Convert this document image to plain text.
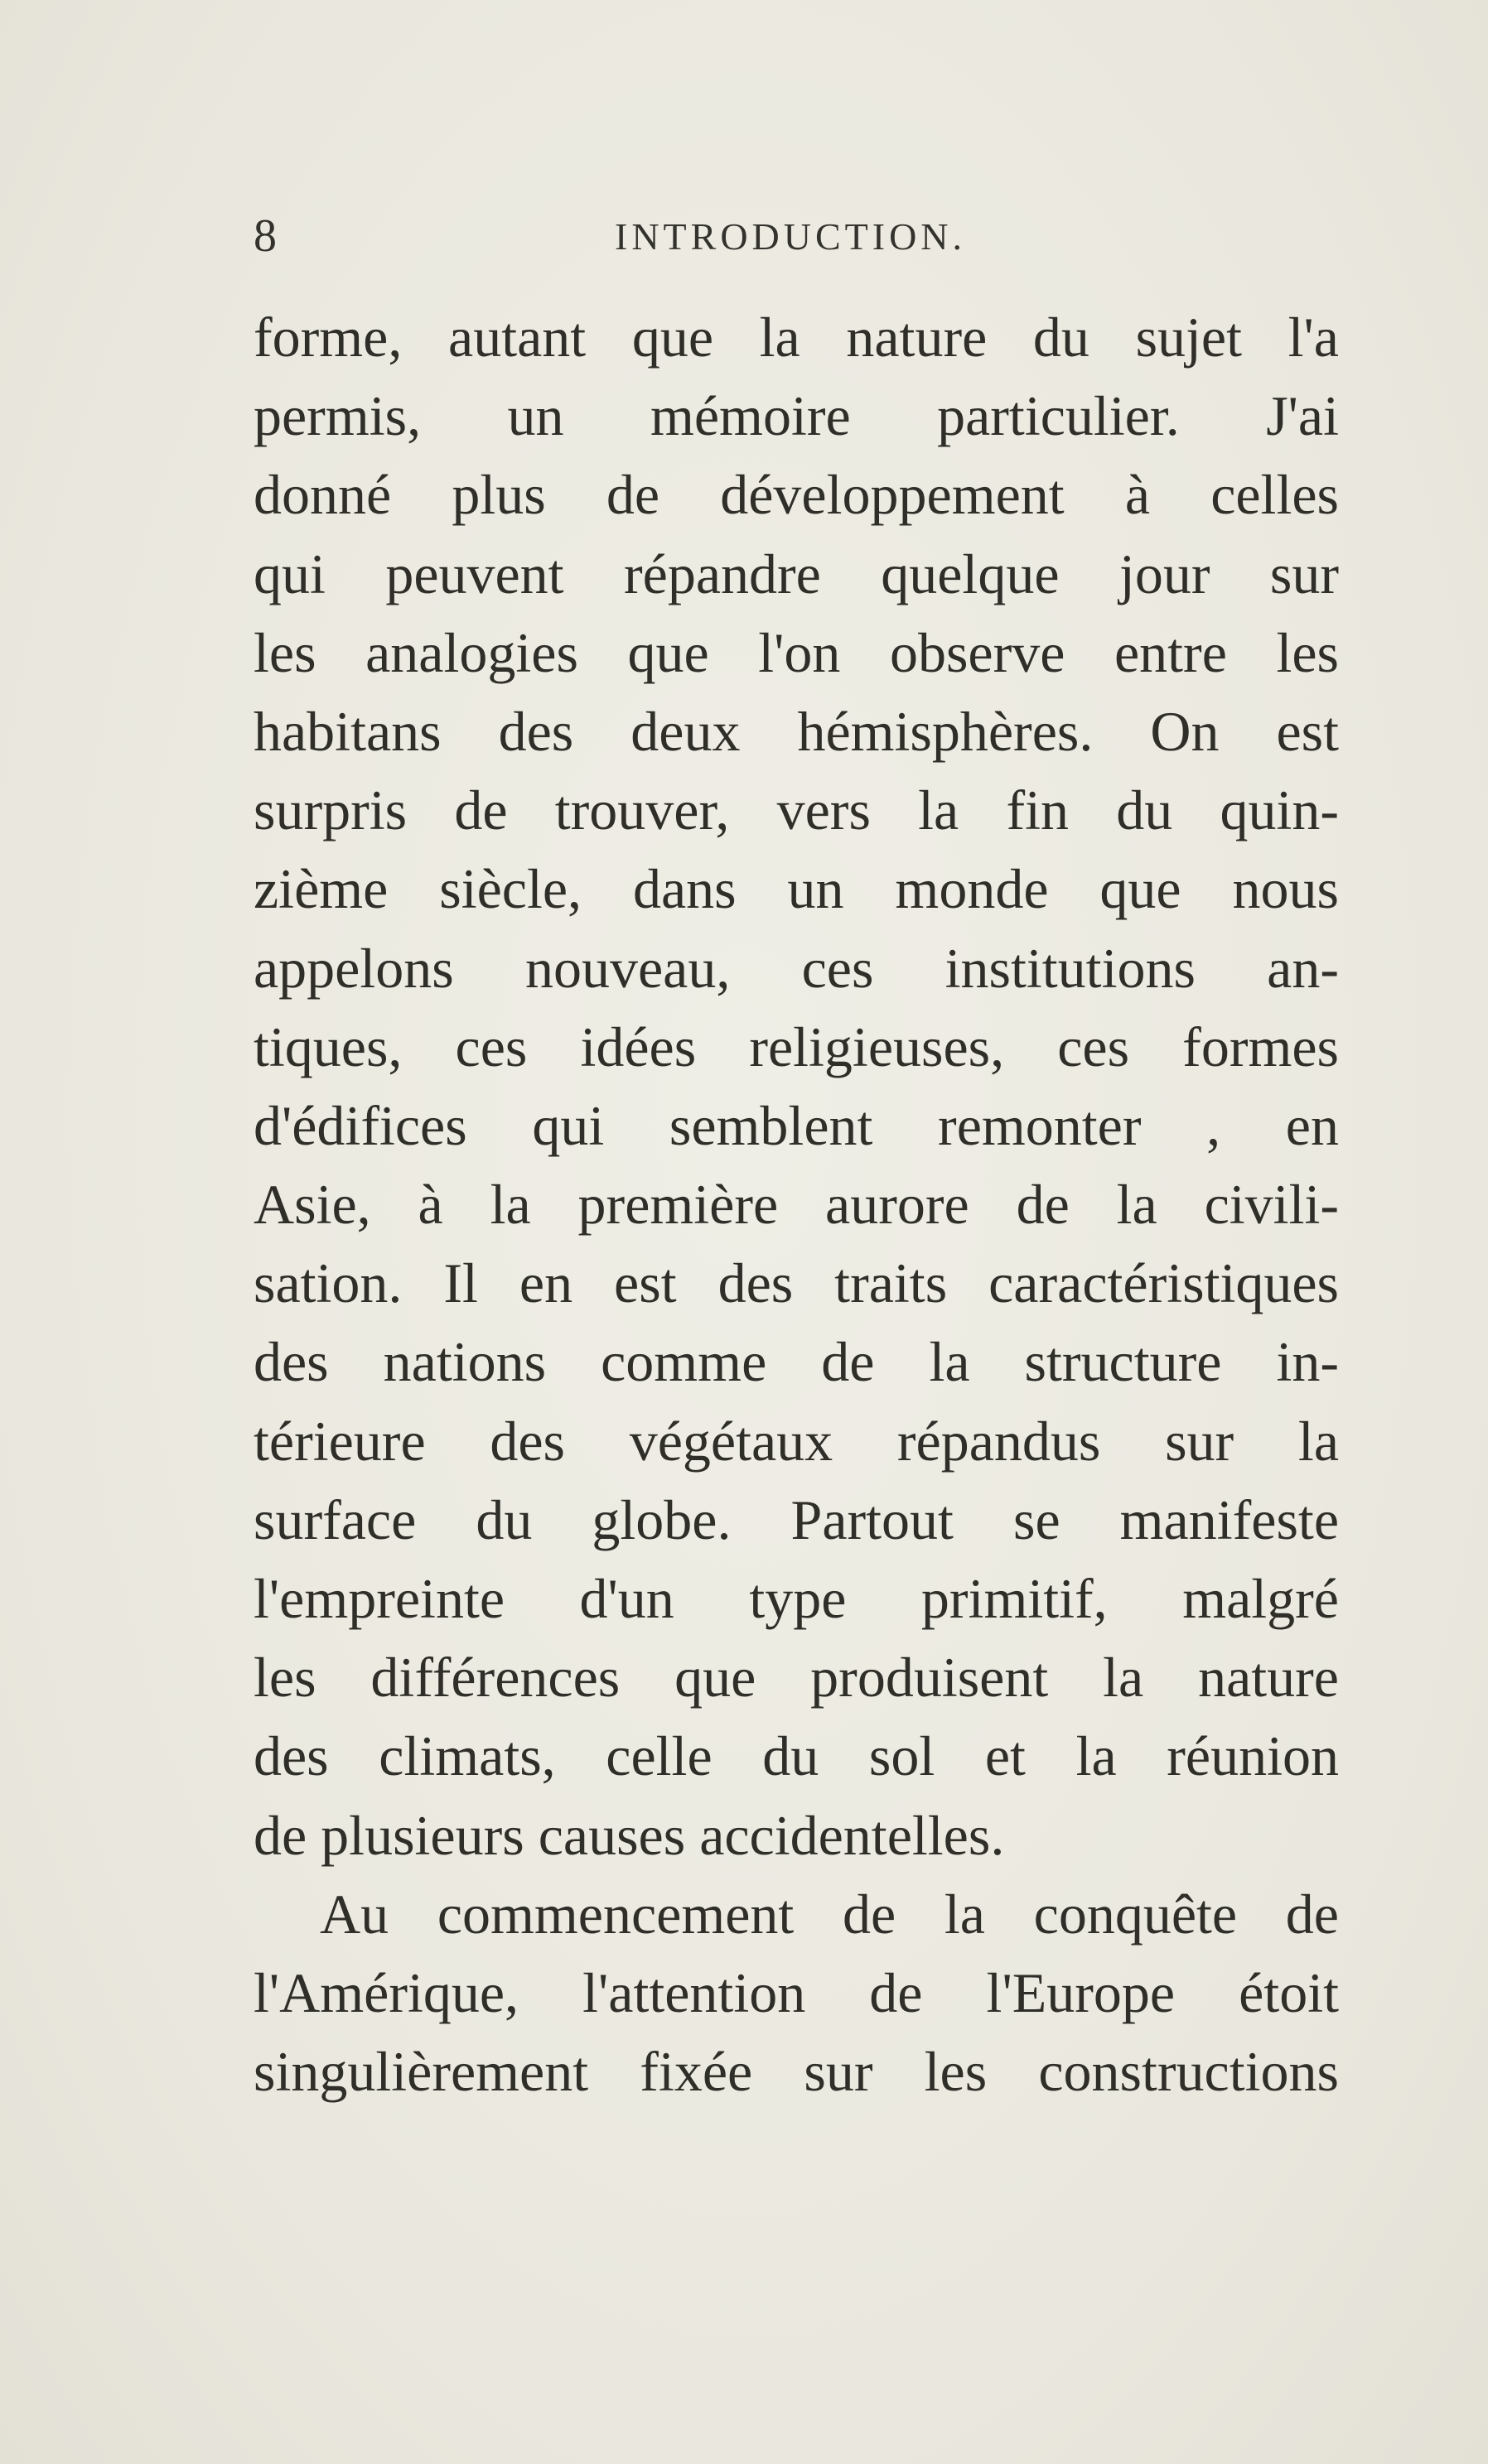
8	INTRODUCTION.
forme, autant que la nature du sujet l'a
permis, un mémoire particulier. J'ai
donné plus de développement à celles
qui peuvent répandre quelque jour sur
les analogies que l'on observe entre les
habitans des deux hémisphères. On est
surpris de trouver, vers la fin du quin-
zième siècle, dans un monde que nous
appelons nouveau, ces institutions an-
tiques, ces idées religieuses, ces formes
d'édifices qui semblent remonter , en
Asie, à la première aurore de la civili-
sation. Il en est des traits caractéristiques
des nations comme de la structure in-
térieure des végétaux répandus sur la
surface du globe. Partout se manifeste
l'empreinte d'un type primitif, malgré
les différences que produisent la nature
des climats, celle du sol et la réunion
de plusieurs causes accidentelles.
Au commencement de la conquête de
l'Amérique, l'attention de l'Europe étoit
singulièrement fixée sur les constructions
